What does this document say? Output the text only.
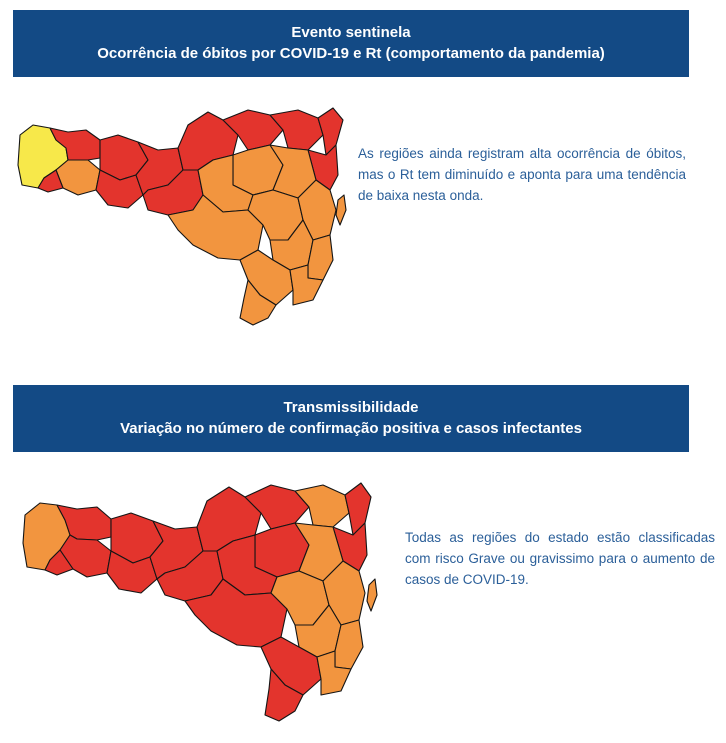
Evento sentinela
Ocorrência de óbitos por COVID-19 e Rt (comportamento da pandemia)
As regiões ainda registram alta ocorrência de óbitos, mas o Rt tem diminuído e aponta para uma tendência de baixa nesta onda.
Transmissibilidade
Variação no número de confirmação positiva e casos infectantes
Todas as regiões do estado estão classificadas com risco Grave ou gravissimo para o aumento de casos de COVID-19.
